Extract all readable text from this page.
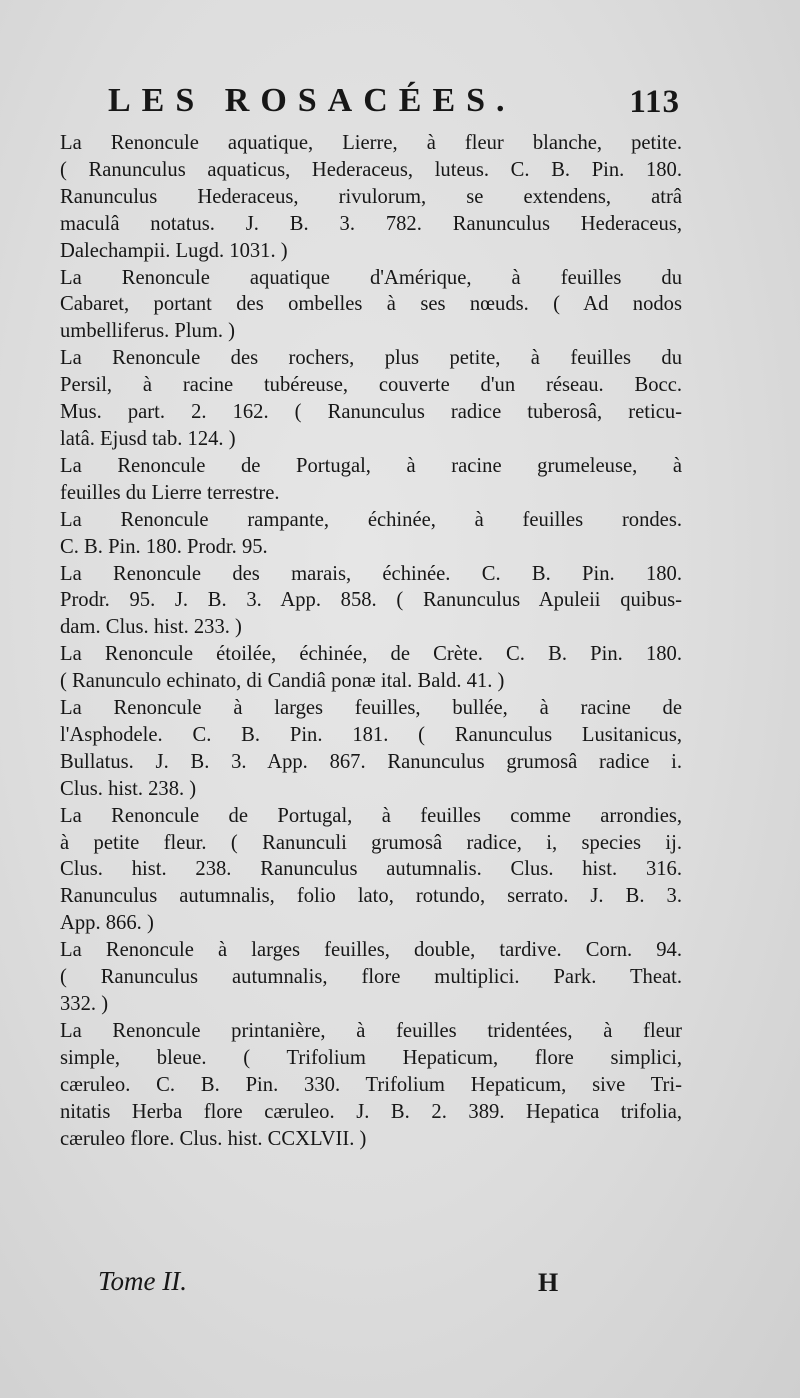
LES ROSACÉES.	113

La Renoncule aquatique, Lierre, à fleur blanche, petite.
( Ranunculus aquaticus, Hederaceus, luteus. C. B. Pin. 180.
Ranunculus Hederaceus, rivulorum, se extendens, atrâ
maculâ notatus. J. B. 3. 782. Ranunculus Hederaceus,
Dalechampii. Lugd. 1031. )

La Renoncule aquatique d'Amérique, à feuilles du
Cabaret, portant des ombelles à ses nœuds. ( Ad nodos
umbelliferus. Plum. )

La Renoncule des rochers, plus petite, à feuilles du
Persil, à racine tubéreuse, couverte d'un réseau. Bocc.
Mus. part. 2. 162. ( Ranunculus radice tuberosâ, reticu-
latâ. Ejusd tab. 124. )

La Renoncule de Portugal, à racine grumeleuse, à
feuilles du Lierre terrestre.

La Renoncule rampante, échinée, à feuilles rondes.
C. B. Pin. 180. Prodr. 95.

La Renoncule des marais, échinée. C. B. Pin. 180.
Prodr. 95. J. B. 3. App. 858. ( Ranunculus Apuleii quibus-
dam. Clus. hist. 233. )

La Renoncule étoilée, échinée, de Crète. C. B. Pin. 180.
( Ranunculo echinato, di Candiâ ponæ ital. Bald. 41. )

La Renoncule à larges feuilles, bullée, à racine de
l'Asphodele. C. B. Pin. 181. ( Ranunculus Lusitanicus,
Bullatus. J. B. 3. App. 867. Ranunculus grumosâ radice i.
Clus. hist. 238. )

La Renoncule de Portugal, à feuilles comme arrondies,
à petite fleur. ( Ranunculi grumosâ radice, i, species ij.
Clus. hist. 238. Ranunculus autumnalis. Clus. hist. 316.
Ranunculus autumnalis, folio lato, rotundo, serrato. J. B. 3.
App. 866. )

La Renoncule à larges feuilles, double, tardive. Corn. 94.
( Ranunculus autumnalis, flore multiplici. Park. Theat.
332. )

La Renoncule printanière, à feuilles tridentées, à fleur
simple, bleue. ( Trifolium Hepaticum, flore simplici,
cæruleo. C. B. Pin. 330. Trifolium Hepaticum, sive Tri-
nitatis Herba flore cæruleo. J. B. 2. 389. Hepatica trifolia,
cæruleo flore. Clus. hist. CCXLVII. )

Tome II.	H
